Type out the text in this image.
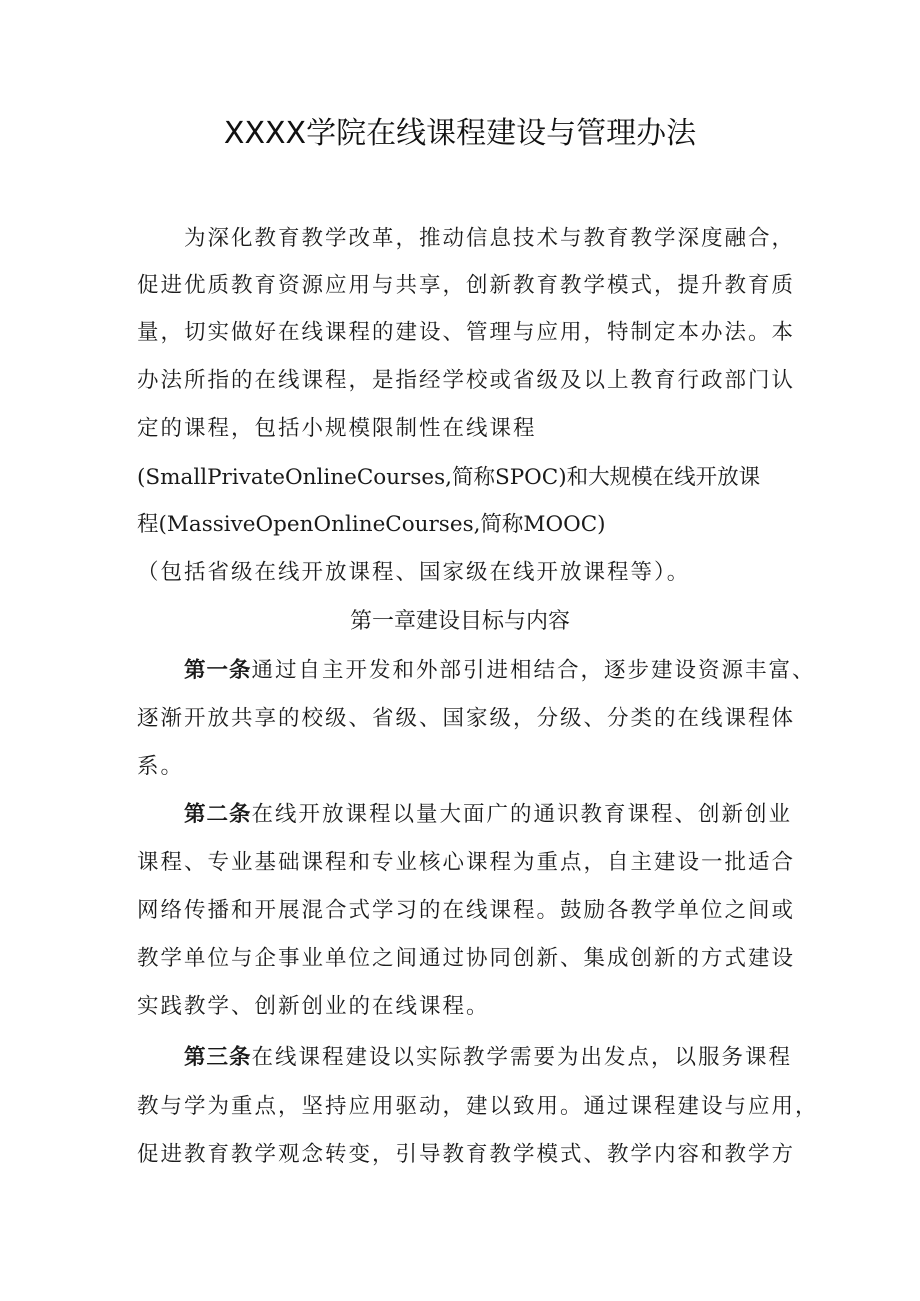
XXXX学院在线课程建设与管理办法
为深化教育教学改革，推动信息技术与教育教学深度融合，
促进优质教育资源应用与共享，创新教育教学模式，提升教育质
量，切实做好在线课程的建设、管理与应用，特制定本办法。本
办法所指的在线课程，是指经学校或省级及以上教育行政部门认
定的课程，包括小规模限制性在线课程
(SmallPrivateOnlineCourses,简称SPOC)和大规模在线开放课
程(MassiveOpenOnlineCourses,简称MOOC)
（包括省级在线开放课程、国家级在线开放课程等）。
第一章建设目标与内容
第一条通过自主开发和外部引进相结合，逐步建设资源丰富、
逐渐开放共享的校级、省级、国家级，分级、分类的在线课程体
系。
第二条在线开放课程以量大面广的通识教育课程、创新创业
课程、专业基础课程和专业核心课程为重点，自主建设一批适合
网络传播和开展混合式学习的在线课程。鼓励各教学单位之间或
教学单位与企事业单位之间通过协同创新、集成创新的方式建设
实践教学、创新创业的在线课程。
第三条在线课程建设以实际教学需要为出发点，以服务课程
教与学为重点，坚持应用驱动，建以致用。通过课程建设与应用，
促进教育教学观念转变，引导教育教学模式、教学内容和教学方
